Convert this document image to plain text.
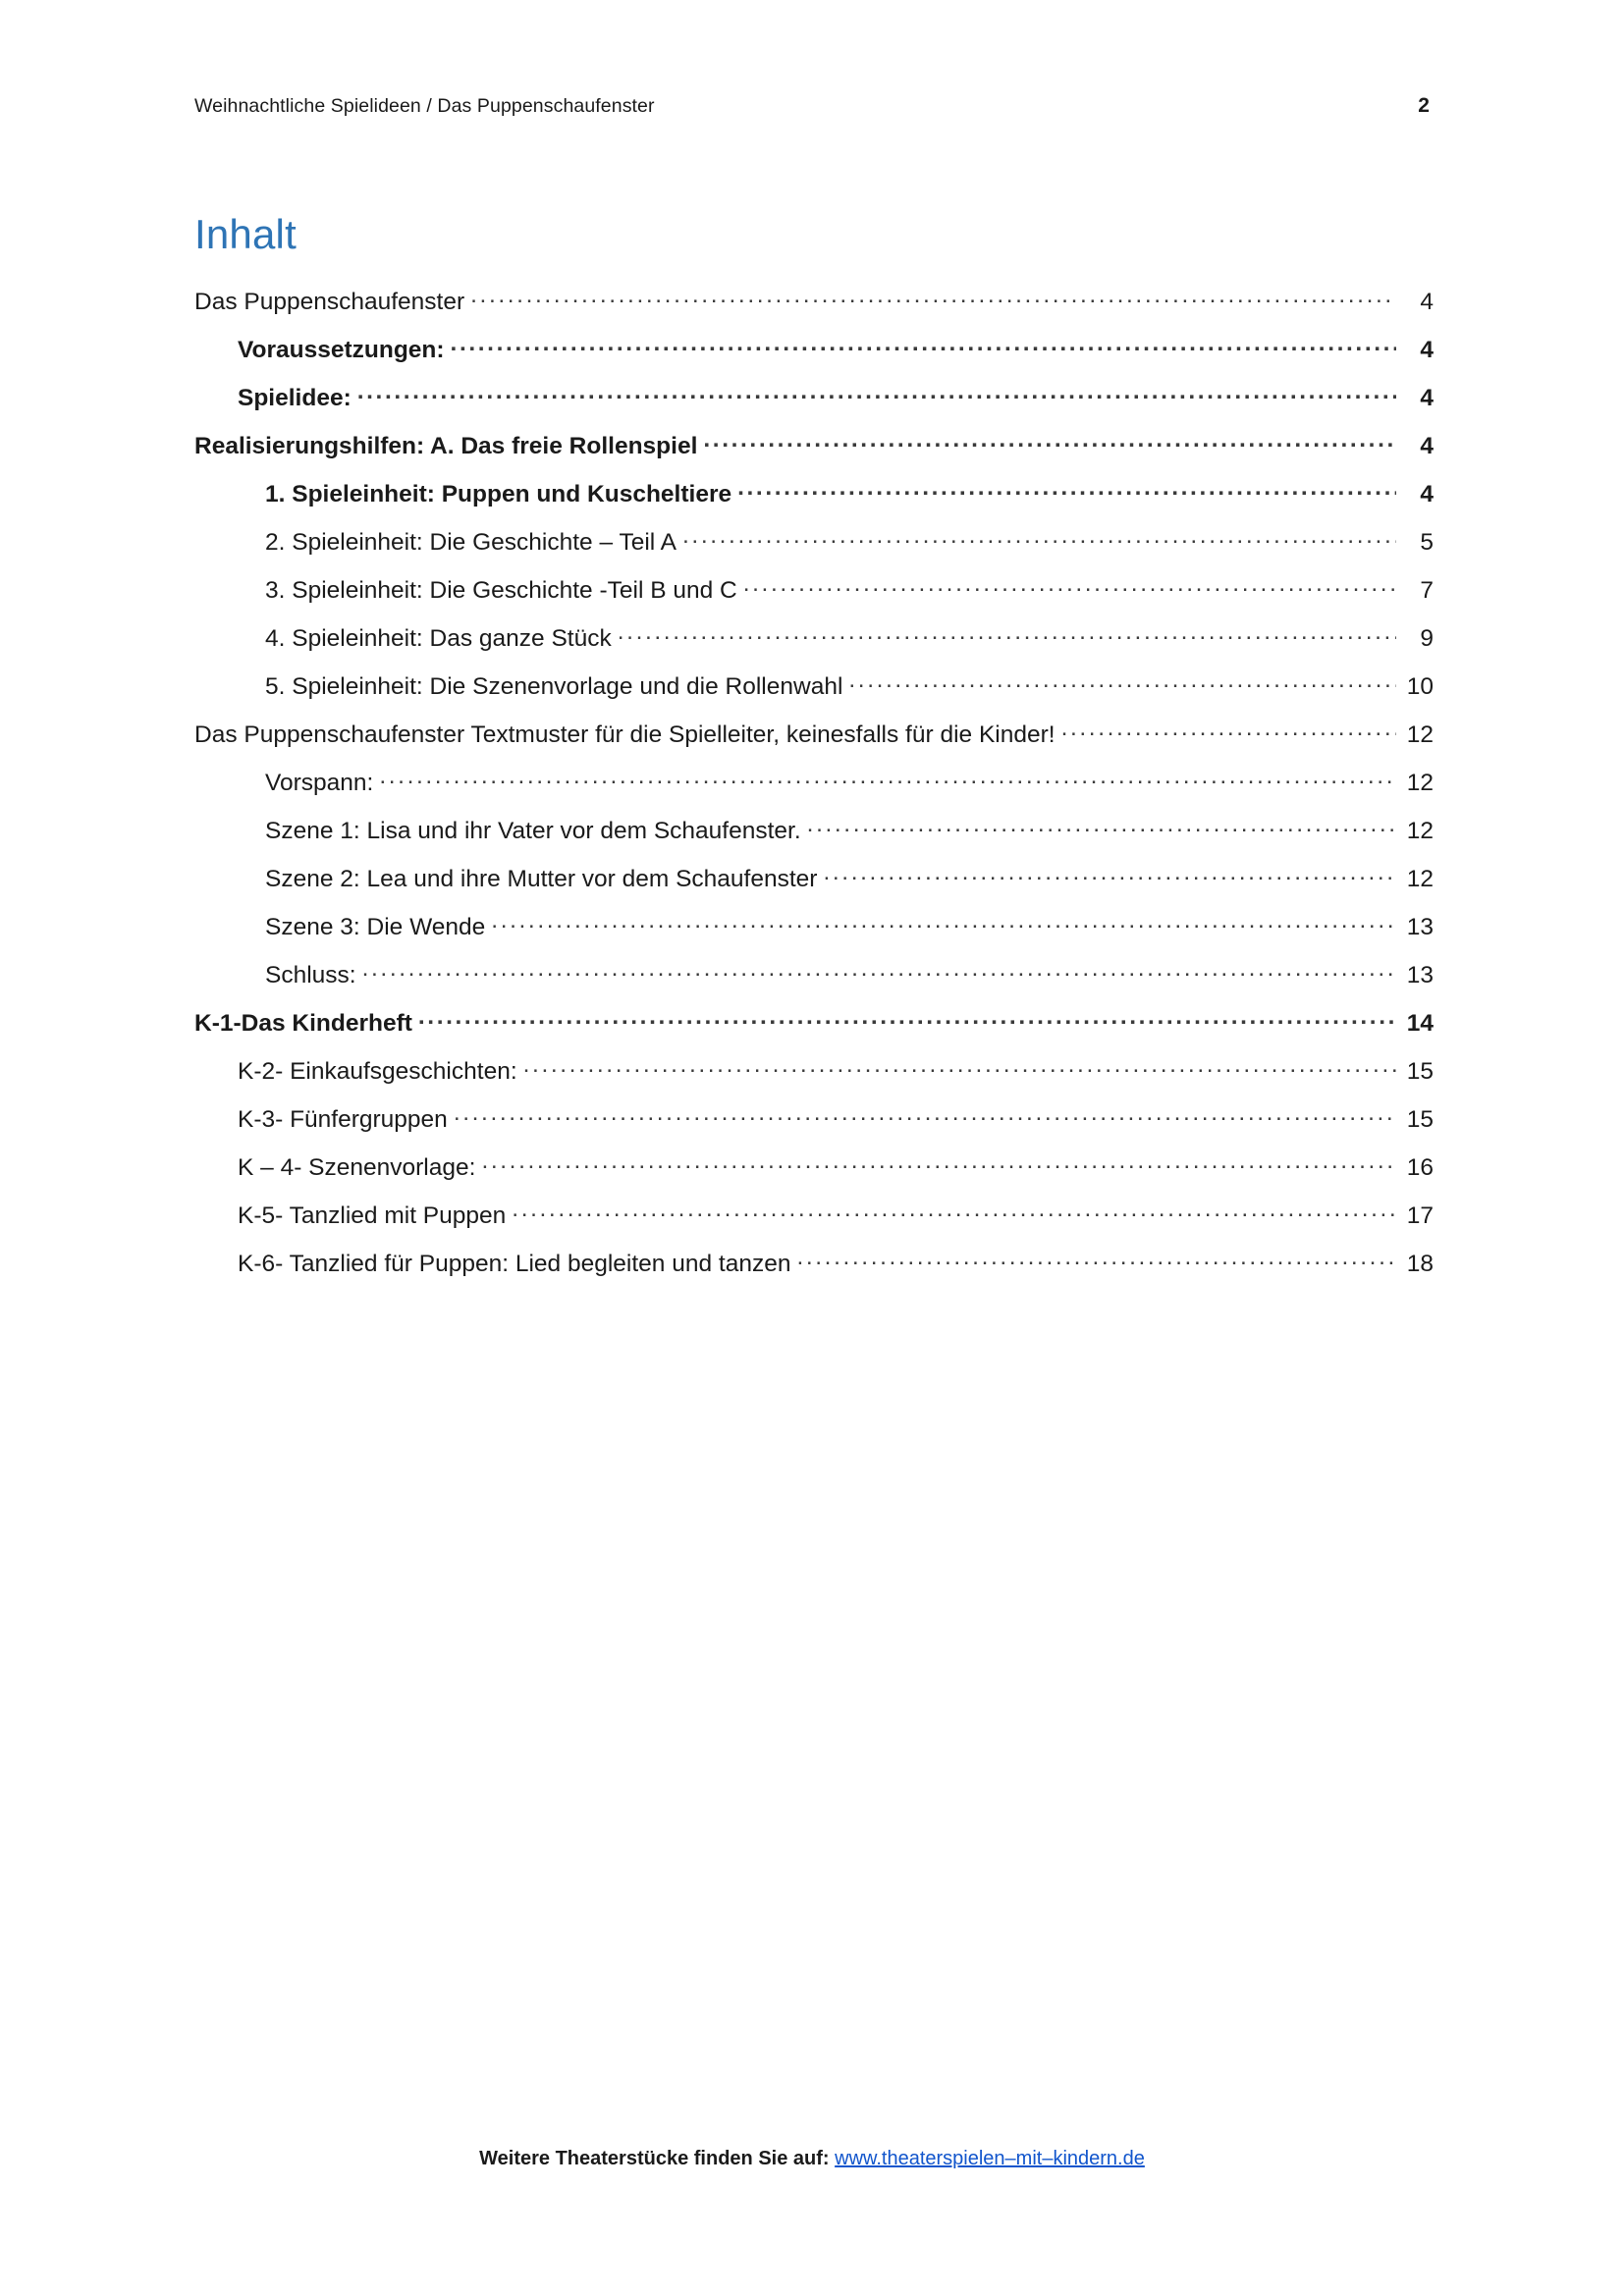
Weihnachtliche Spielideen / Das Puppenschaufenster	2
Inhalt
Das Puppenschaufenster .....	4
Voraussetzungen: .....	4
Spielidee: .....	4
Realisierungshilfen: A. Das freie Rollenspiel .....	4
1. Spieleinheit: Puppen und Kuscheltiere .....	4
2. Spieleinheit: Die Geschichte – Teil A .....	5
3. Spieleinheit: Die Geschichte -Teil B und C .....	7
4. Spieleinheit: Das ganze Stück .....	9
5. Spieleinheit: Die Szenenvorlage und die Rollenwahl .....	10
Das Puppenschaufenster Textmuster für die Spielleiter, keinesfalls für die Kinder! .....	12
Vorspann: .....	12
Szene 1: Lisa und ihr Vater vor dem Schaufenster. .....	12
Szene 2: Lea und ihre Mutter vor dem Schaufenster .....	12
Szene 3: Die Wende .....	13
Schluss: .....	13
K-1-Das Kinderheft .....	14
K-2- Einkaufsgeschichten: .....	15
K-3- Fünfergruppen .....	15
K – 4- Szenenvorlage: .....	16
K-5- Tanzlied mit Puppen .....	17
K-6- Tanzlied für Puppen: Lied begleiten und tanzen .....	18
Weitere Theaterstücke finden Sie auf: www.theaterspielen–mit–kindern.de
